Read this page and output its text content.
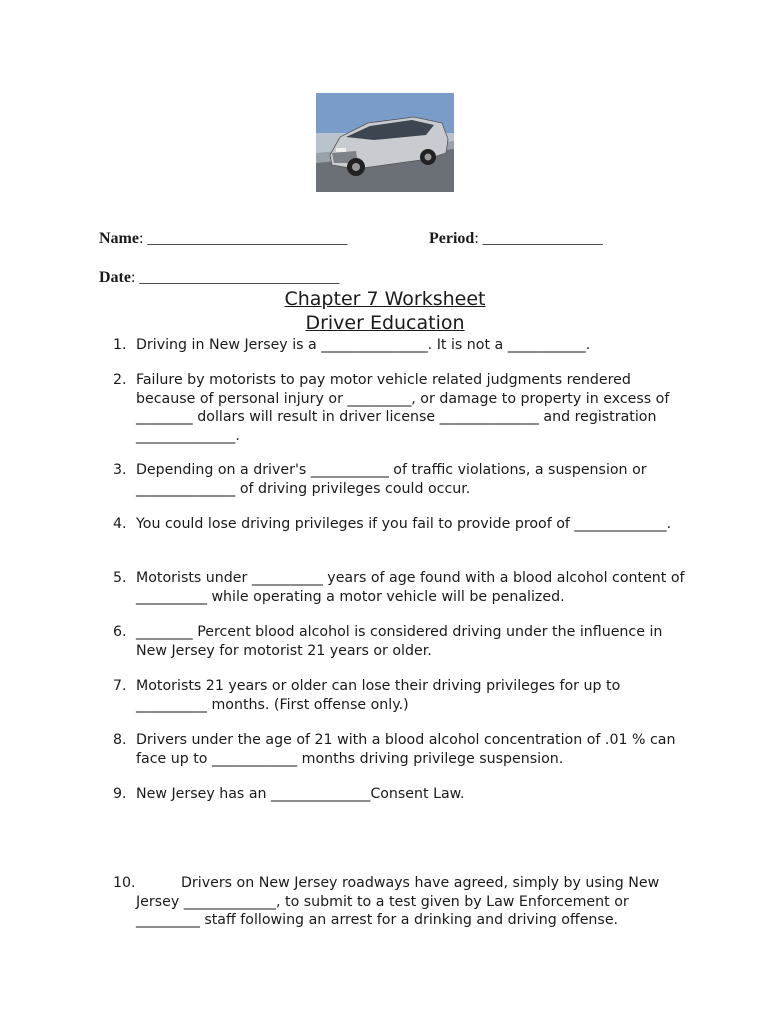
Name: _________________________	Period: _______________

Date: _________________________

Chapter 7 Worksheet
Driver Education
1. Driving in New Jersey is a _______________. It is not a ___________.
2. Failure by motorists to pay motor vehicle related judgments rendered because of personal injury or _________, or damage to property in excess of ________ dollars will result in driver license ______________ and registration ______________.
3. Depending on a driver's ___________ of traffic violations, a suspension or ______________ of driving privileges could occur.
4. You could lose driving privileges if you fail to provide proof of _____________.
5. Motorists under __________ years of age found with a blood alcohol content of __________ while operating a motor vehicle will be penalized.
6. ________ Percent blood alcohol is considered driving under the influence in New Jersey for motorist 21 years or older.
7. Motorists 21 years or older can lose their driving privileges for up to __________ months. (First offense only.)
8. Drivers under the age of 21 with a blood alcohol concentration of .01 % can face up to ____________ months driving privilege suspension.
9. New Jersey has an ______________Consent Law.
10.	Drivers on New Jersey roadways have agreed, simply by using New Jersey _____________, to submit to a test given by Law Enforcement or _________ staff following an arrest for a drinking and driving offense.
